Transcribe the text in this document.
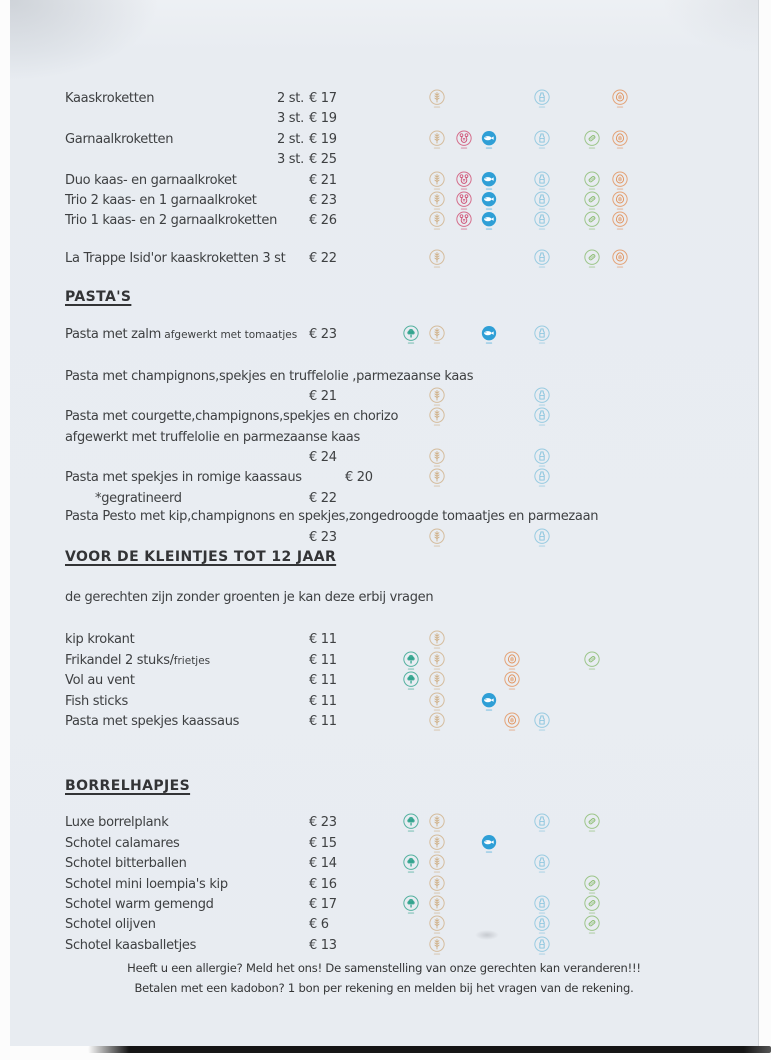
Kaaskroketten	2 st. € 17
3 st. € 19
Garnaalkroketten	2 st. € 19
3 st. € 25
Duo kaas- en garnaalkroket	€ 21
Trio 2 kaas- en 1 garnaalkroket	€ 23
Trio 1 kaas- en 2 garnaalkroketten € 26
La Trappe Isid'or kaaskroketten 3 st € 22
PASTA'S
Pasta met zalm afgewerkt met tomaatjes € 23
Pasta met champignons,spekjes en truffelolie ,parmezaanse kaas
€ 21
Pasta met courgette,champignons,spekjes en chorizo
afgewerkt met truffelolie en parmezaanse kaas
€ 24
Pasta met spekjes in romige kaassaus	€ 20
*gegratineerd	€ 22
Pasta Pesto met kip,champignons en spekjes,zongedroogde tomaatjes en parmezaan
€ 23
VOOR DE KLEINTJES TOT 12 JAAR
de gerechten zijn zonder groenten je kan deze erbij vragen
kip krokant	€ 11
Frikandel 2 stuks/frietjes	€ 11
Vol au vent	€ 11
Fish sticks	€ 11
Pasta met spekjes kaassaus	€ 11
BORRELHAPJES
Luxe borrelplank	€ 23
Schotel calamares	€ 15
Schotel bitterballen	€ 14
Schotel mini loempia's kip	€ 16
Schotel warm gemengd	€ 17
Schotel olijven	€ 6
Schotel kaasballetjes	€ 13
Heeft u een allergie? Meld het ons! De samenstelling van onze gerechten kan veranderen!!!
Betalen met een kadobon? 1 bon per rekening en melden bij het vragen van de rekening.
